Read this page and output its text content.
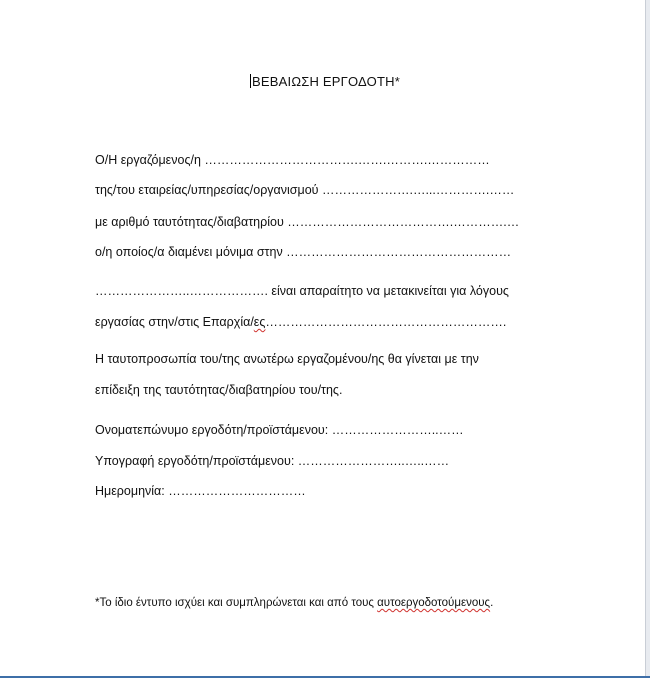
ΒΕΒΑΙΩΣΗ ΕΡΓΟΔΟΤΗ*
Ο/Η εργαζόμενος/η ……………………………….…….……….……………
της/του εταιρείας/υπηρεσίας/οργανισμού ………………….…...………….……
με αριθμό ταυτότητας/διαβατηρίου ………………………………….………….…
ο/η οποίος/α διαμένει μόνιμα στην ………………………………………………
…………………..………………. είναι απαραίτητο να μετακινείται για λόγους
εργασίας στην/στις Επαρχία/ες………………………………………………….
Η ταυτοπροσωπία του/της ανωτέρω εργαζομένου/ης θα γίνεται με την
επίδειξη της ταυτότητας/διαβατηρίου του/της.
Ονοματεπώνυμο εργοδότη/προϊστάμενου: ……………………..……
Υπογραφή εργοδότη/προϊστάμενου: ……………………..…..……
Ημερομηνία: ……………………………
*Το ίδιο έντυπο ισχύει και συμπληρώνεται και από τους αυτοεργοδοτούμενους.
